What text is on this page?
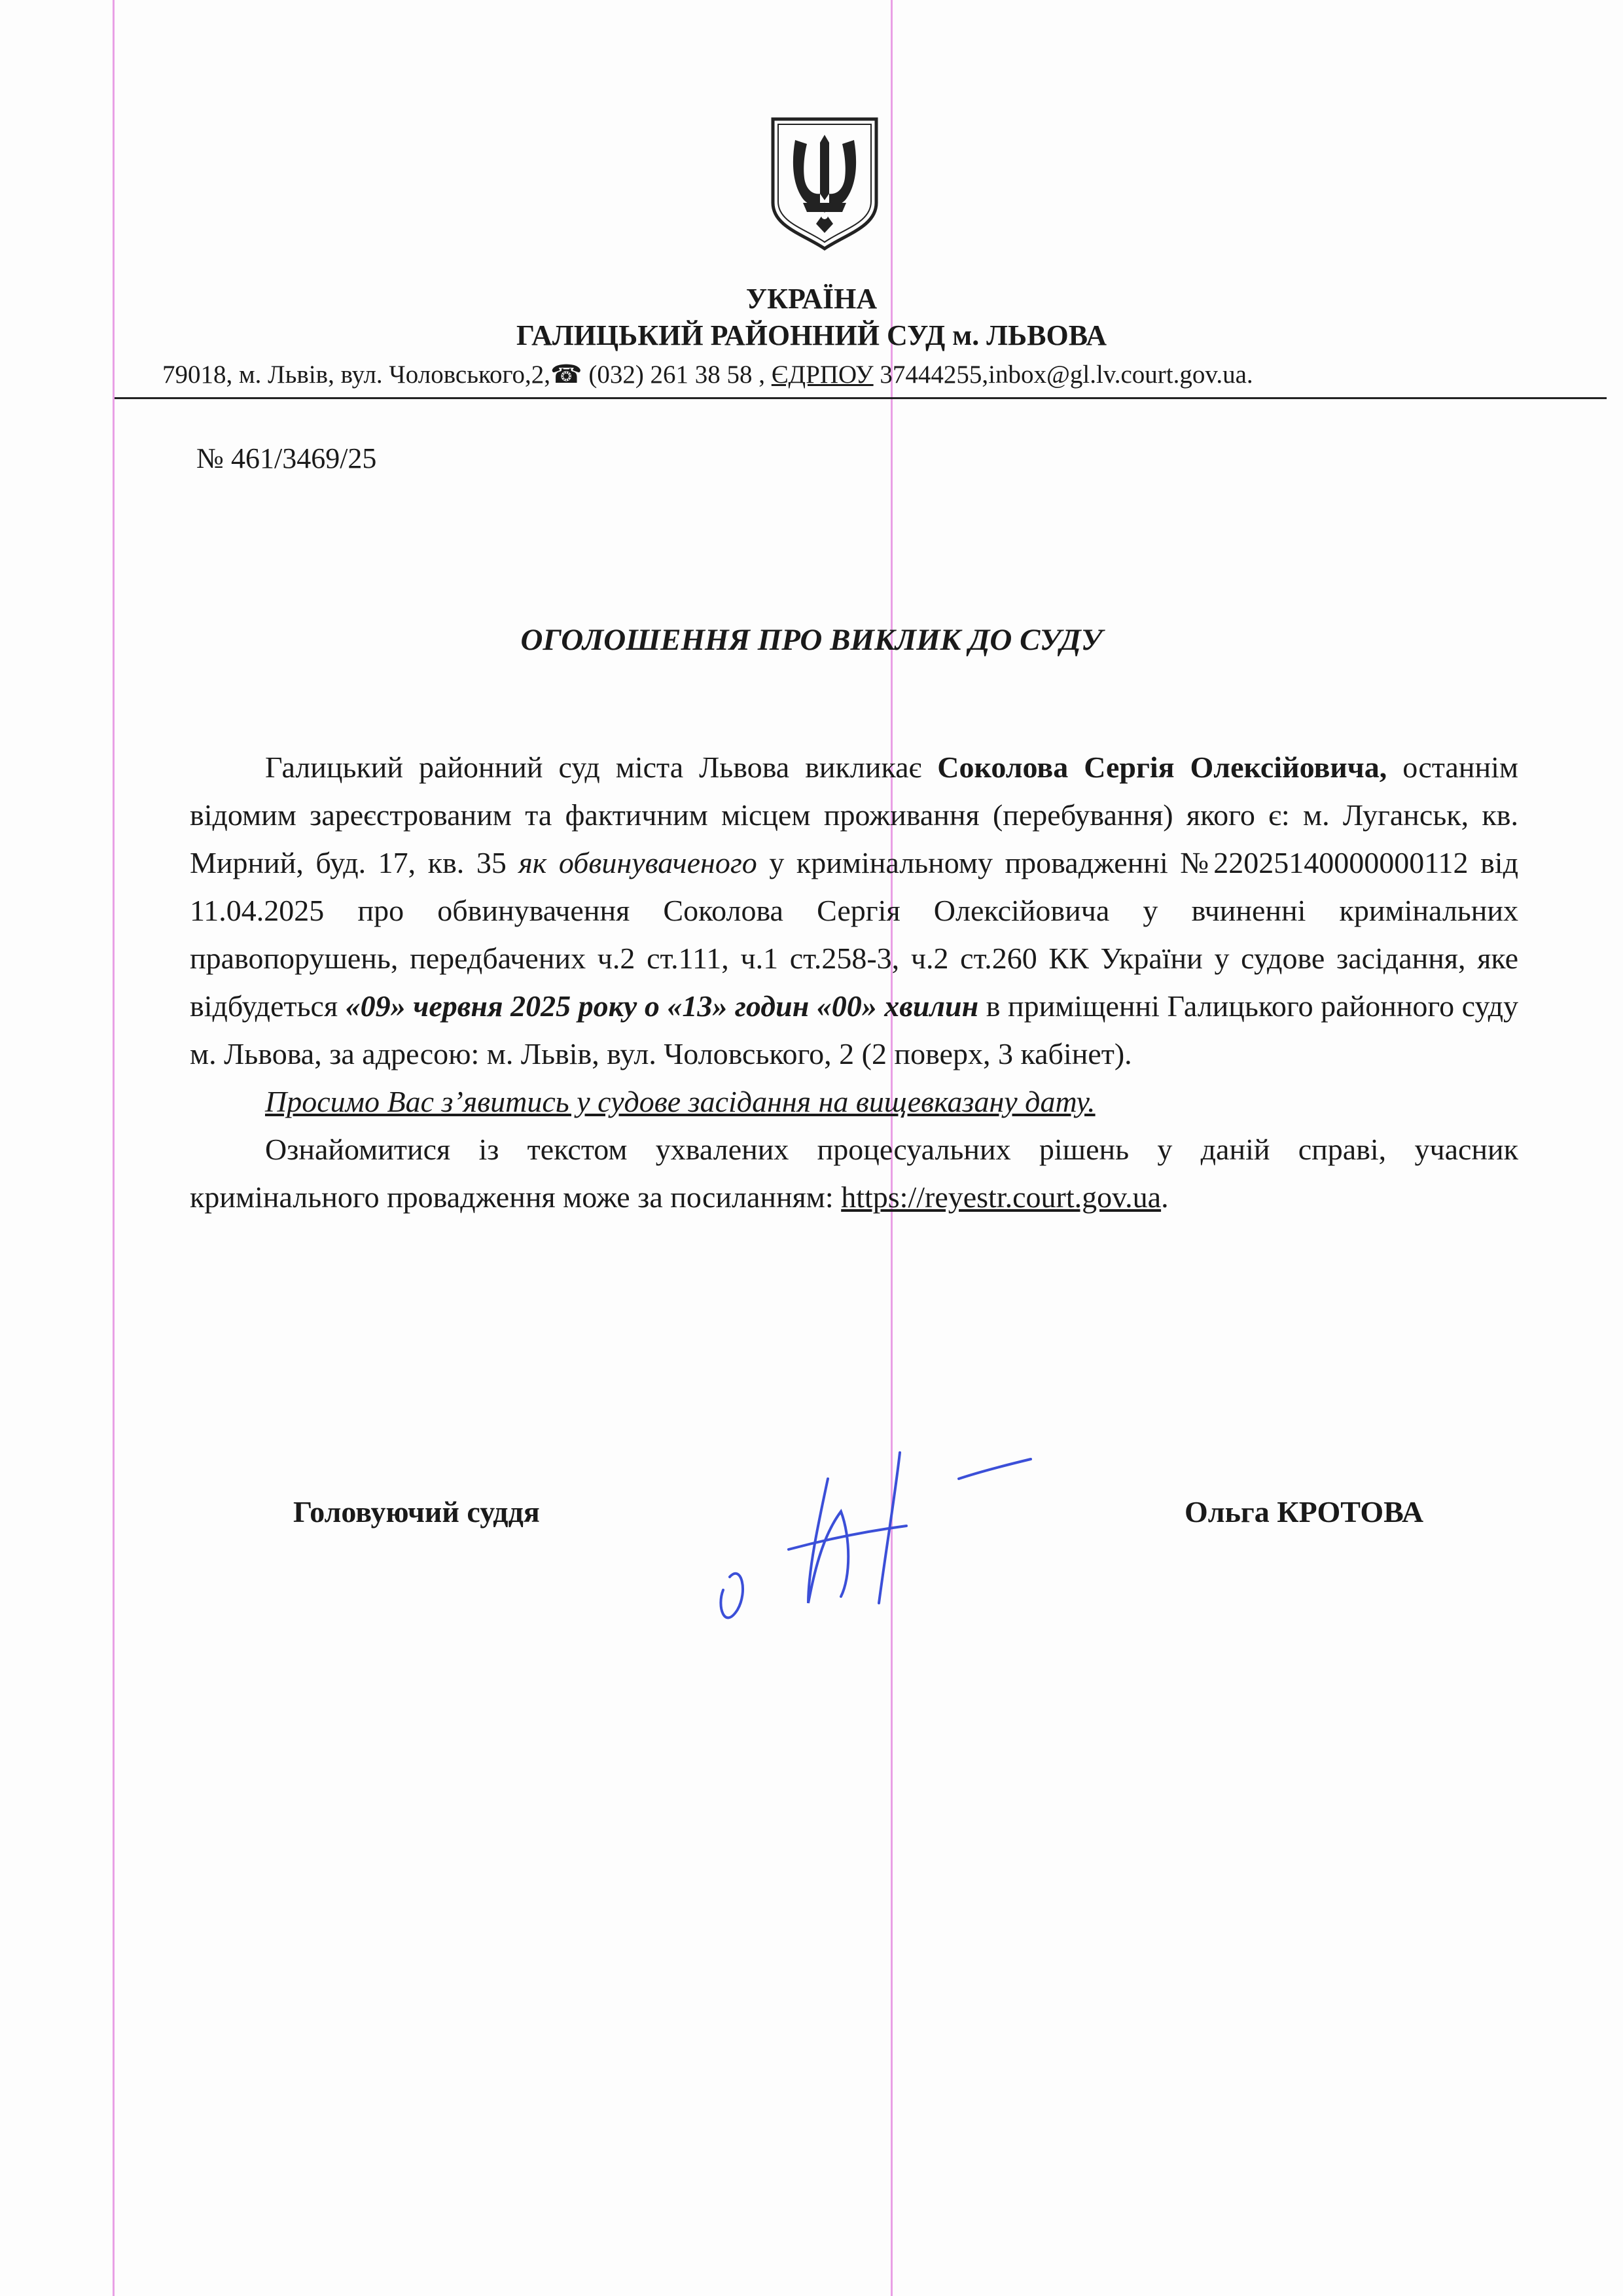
УКРАЇНА
ГАЛИЦЬКИЙ РАЙОННИЙ СУД м. ЛЬВОВА
79018, м. Львів, вул. Чоловського,2,☎ (032) 261 38 58 , ЄДРПОУ 37444255,inbox@gl.lv.court.gov.ua.
№ 461/3469/25
ОГОЛОШЕННЯ ПРО ВИКЛИК ДО СУДУ

Галицький районний суд міста Львова викликає Соколова Сергія Олексійовича, останнім відомим зареєстрованим та фактичним місцем проживання (перебування) якого є: м. Луганськ, кв. Мирний, буд. 17, кв. 35 як обвинуваченого у кримінальному провадженні №22025140000000112 від 11.04.2025 про обвинувачення Соколова Сергія Олексійовича у вчиненні кримінальних правопорушень, передбачених ч.2 ст.111, ч.1 ст.258-3, ч.2 ст.260 КК України у судове засідання, яке відбудеться «09» червня 2025 року о «13» годин «00» хвилин в приміщенні Галицького районного суду м. Львова, за адресою: м. Львів, вул. Чоловського, 2 (2 поверх, 3 кабінет).

Просимо Вас з’явитись у судове засідання на вищевказану дату.

Ознайомитися із текстом ухвалених процесуальних рішень у даній справі, учасник кримінального провадження може за посиланням: https://reyestr.court.gov.ua.

Головуючий суддя	Ольга КРОТОВА
